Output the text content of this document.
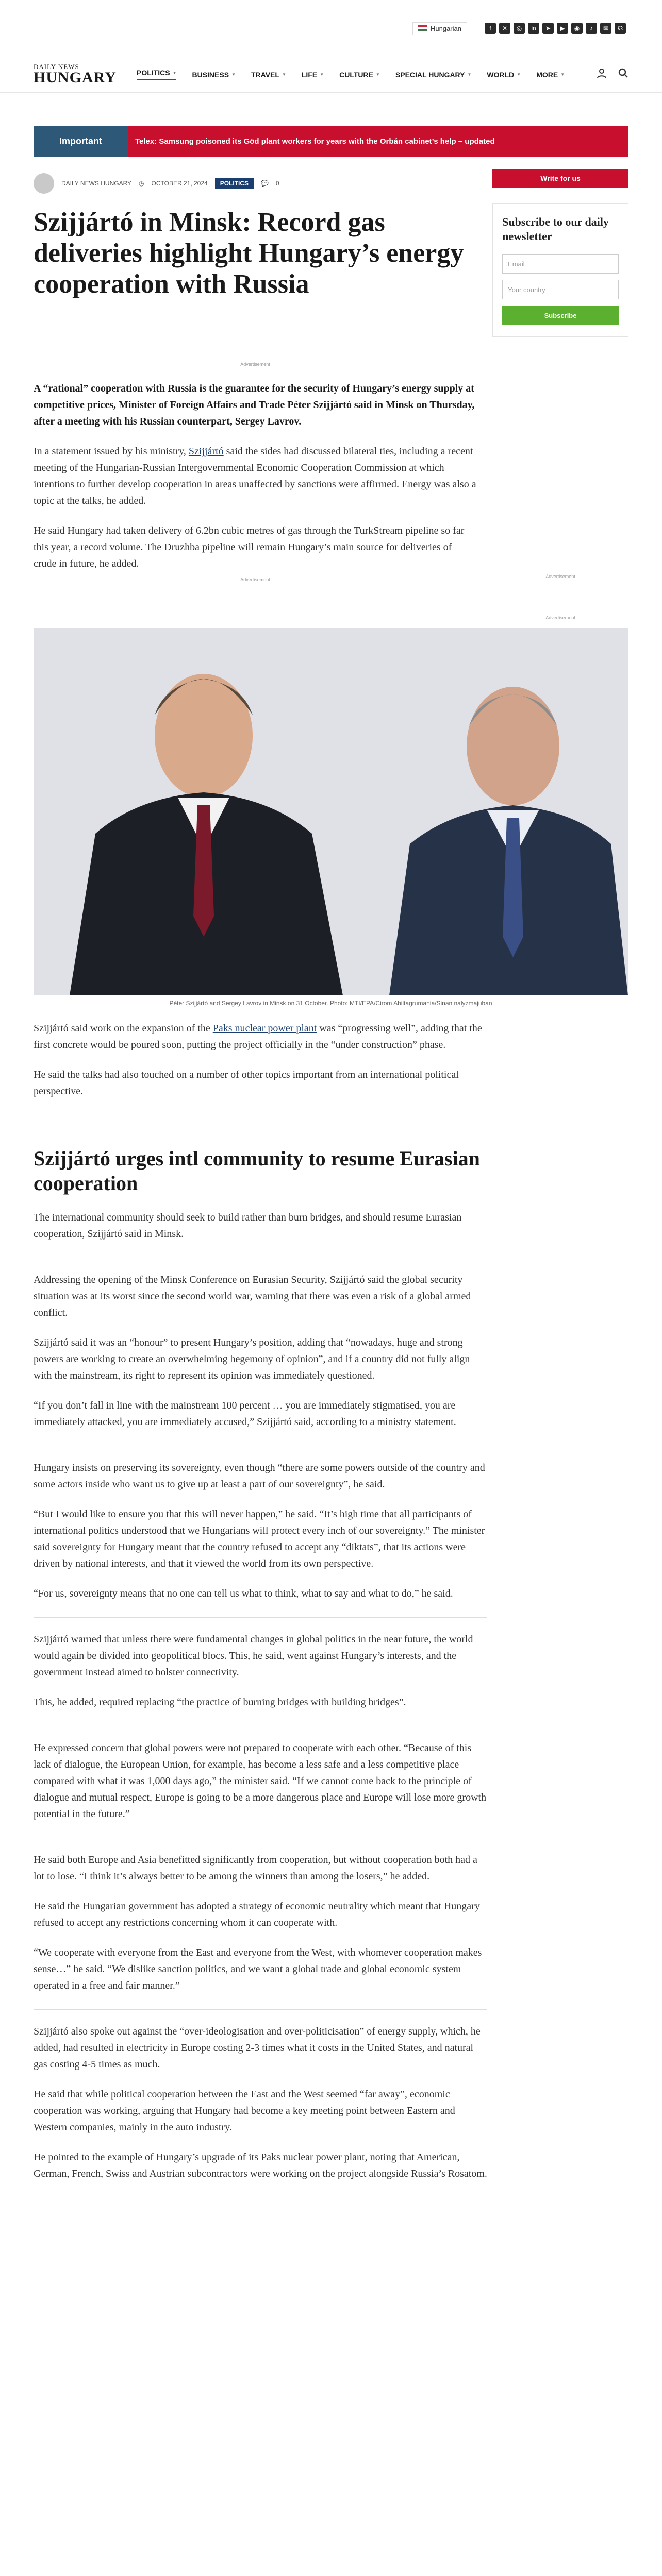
Hungarian	f	✕	◎	in	➤	▶	◉	♪	✉	☊
DAILY NEWS
HUNGARY	POLITICS ▼ BUSINESS ▼ TRAVEL ▼ LIFE ▼ CULTURE ▼ SPECIAL HUNGARY ▼ WORLD ▼ MORE ▼
Important	Telex: Samsung poisoned its Göd plant workers for years with the Orbán cabinet’s help – updated
DAILY NEWS HUNGARY ◷ OCTOBER 21, 2024	POLITICS	💬 0
Szijjártó in Minsk: Record gas deliveries highlight Hungary’s energy cooperation with Russia
Advertisement
A “rational” cooperation with Russia is the guarantee for the security of Hungary’s energy supply at competitive prices, Minister of Foreign Affairs and Trade Péter Szijjártó said in Minsk on Thursday, after a meeting with his Russian counterpart, Sergey Lavrov.

In a statement issued by his ministry, Szijjártó said the sides had discussed bilateral ties, including a recent meeting of the Hungarian-Russian Intergovernmental Economic Cooperation Commission at which intentions to further develop cooperation in areas unaffected by sanctions were affirmed. Energy was also a topic at the talks, he added.

He said Hungary had taken delivery of 6.2bn cubic metres of gas through the TurkStream pipeline so far this year, a record volume. The Druzhba pipeline will remain Hungary’s main source for deliveries of crude in future, he added.

Advertisement
Write for us
Subscribe to our daily newsletter
Email
Your country
Subscribe
Advertisement
Advertisement
Péter Szijjártó and Sergey Lavrov in Minsk on 31 October. Photo: MTI/EPA/Cirom Abiltagrumania/Sinan nalyzmajuban

Szijjártó said work on the expansion of the Paks nuclear power plant was “progressing well”, adding that the first concrete would be poured soon, putting the project officially in the “under construction” phase.

He said the talks had also touched on a number of other topics important from an international political perspective.

Szijjártó urges intl community to resume Eurasian cooperation

The international community should seek to build rather than burn bridges, and should resume Eurasian cooperation, Szijjártó said in Minsk.

Addressing the opening of the Minsk Conference on Eurasian Security, Szijjártó said the global security situation was at its worst since the second world war, warning that there was even a risk of a global armed conflict.

Szijjártó said it was an “honour” to present Hungary’s position, adding that “nowadays, huge and strong powers are working to create an overwhelming hegemony of opinion”, and if a country did not fully align with the mainstream, its right to represent its opinion was immediately questioned.

“If you don’t fall in line with the mainstream 100 percent … you are immediately stigmatised, you are immediately attacked, you are immediately accused,” Szijjártó said, according to a ministry statement.

Hungary insists on preserving its sovereignty, even though “there are some powers outside of the country and some actors inside who want us to give up at least a part of our sovereignty”, he said.

“But I would like to ensure you that this will never happen,” he said. “It’s high time that all participants of international politics understood that we Hungarians will protect every inch of our sovereignty.” The minister said sovereignty for Hungary meant that the country refused to accept any “diktats”, that its actions were driven by national interests, and that it viewed the world from its own perspective.

“For us, sovereignty means that no one can tell us what to think, what to say and what to do,” he said.

Szijjártó warned that unless there were fundamental changes in global politics in the near future, the world would again be divided into geopolitical blocs. This, he said, went against Hungary’s interests, and the government instead aimed to bolster connectivity.

This, he added, required replacing “the practice of burning bridges with building bridges”.

He expressed concern that global powers were not prepared to cooperate with each other. “Because of this lack of dialogue, the European Union, for example, has become a less safe and a less competitive place compared with what it was 1,000 days ago,” the minister said. “If we cannot come back to the principle of dialogue and mutual respect, Europe is going to be a more dangerous place and Europe will lose more growth potential in the future.”

He said both Europe and Asia benefitted significantly from cooperation, but without cooperation both had a lot to lose. “I think it’s always better to be among the winners than among the losers,” he added.

He said the Hungarian government has adopted a strategy of economic neutrality which meant that Hungary refused to accept any restrictions concerning whom it can cooperate with.

“We cooperate with everyone from the East and everyone from the West, with whomever cooperation makes sense…” he said. “We dislike sanction politics, and we want a global trade and global economic system operated in a free and fair manner.”

Szijjártó also spoke out against the “over-ideologisation and over-politicisation” of energy supply, which, he added, had resulted in electricity in Europe costing 2-3 times what it costs in the United States, and natural gas costing 4-5 times as much.

He said that while political cooperation between the East and the West seemed “far away”, economic cooperation was working, arguing that Hungary had become a key meeting point between Eastern and Western companies, mainly in the auto industry.

He pointed to the example of Hungary’s upgrade of its Paks nuclear power plant, noting that American, German, French, Swiss and Austrian subcontractors were working on the project alongside Russia’s Rosatom.
